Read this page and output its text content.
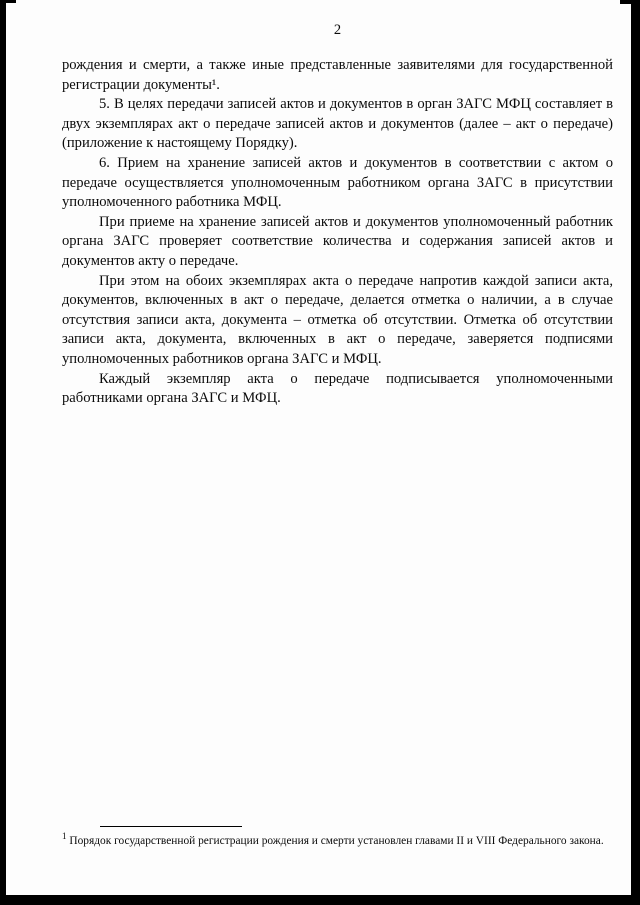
2

рождения и смерти, а также иные представленные заявителями для государственной регистрации документы¹.

5. В целях передачи записей актов и документов в орган ЗАГС МФЦ составляет в двух экземплярах акт о передаче записей актов и документов (далее – акт о передаче) (приложение к настоящему Порядку).

6. Прием на хранение записей актов и документов в соответствии с актом о передаче осуществляется уполномоченным работником органа ЗАГС в присутствии уполномоченного работника МФЦ.

При приеме на хранение записей актов и документов уполномоченный работник органа ЗАГС проверяет соответствие количества и содержания записей актов и документов акту о передаче.

При этом на обоих экземплярах акта о передаче напротив каждой записи акта, документов, включенных в акт о передаче, делается отметка о наличии, а в случае отсутствия записи акта, документа – отметка об отсутствии. Отметка об отсутствии записи акта, документа, включенных в акт о передаче, заверяется подписями уполномоченных работников органа ЗАГС и МФЦ.

Каждый экземпляр акта о передаче подписывается уполномоченными работниками органа ЗАГС и МФЦ.

$^1$ Порядок государственной регистрации рождения и смерти установлен главами II и VIII Федерального закона.
